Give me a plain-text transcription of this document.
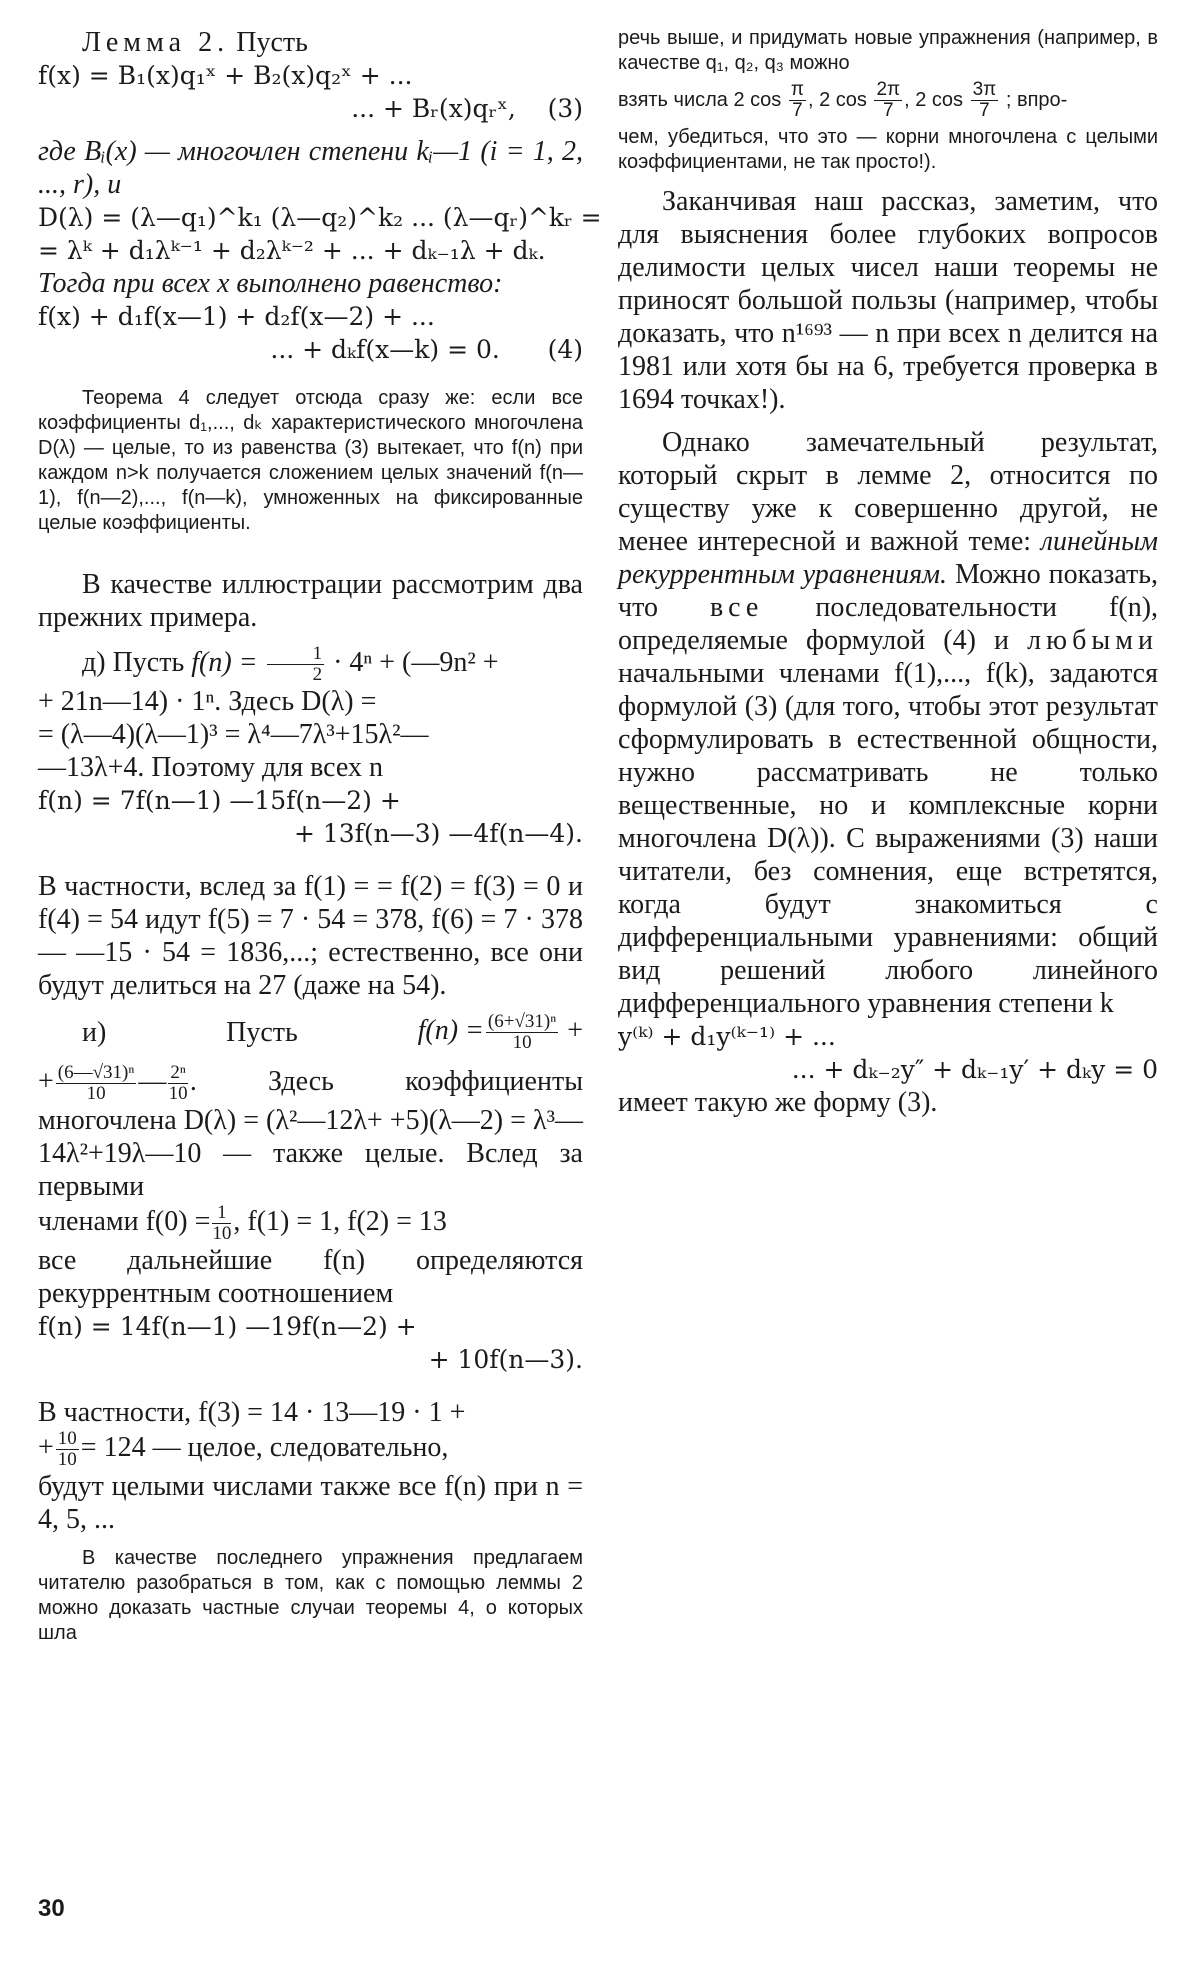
Лемма 2. Пусть

f(x) = B₁(x)q₁ˣ + B₂(x)q₂ˣ + ...

... + Bᵣ(x)qᵣˣ, (3)

где Bᵢ(x) — многочлен степени kᵢ—1 (i = 1, 2, ..., r), и

D(λ) = (λ—q₁)^k₁ (λ—q₂)^k₂ ... (λ—qᵣ)^kᵣ =

= λᵏ + d₁λᵏ⁻¹ + d₂λᵏ⁻² + ... + dₖ₋₁λ + dₖ.

Тогда при всех x выполнено равенство:

f(x) + d₁f(x—1) + d₂f(x—2) + ...

... + dₖf(x—k) = 0. (4)

Теорема 4 следует отсюда сразу же: если все коэффициенты d₁,..., dₖ характеристического многочлена D(λ) — целые, то из равенства (3) вытекает, что f(n) при каждом n>k получается сложением целых значений f(n—1), f(n—2),..., f(n—k), умноженных на фиксированные целые коэффициенты.

В качестве иллюстрации рассмотрим два прежних примера.

д) Пусть $f(n) = \frac{1}{2} \cdot 4^n$ + (—9n² +

+ 21n—14) · 1ⁿ. Здесь D(λ) =

= (λ—4)(λ—1)³ = λ⁴—7λ³+15λ²—

—13λ+4. Поэтому для всех n

f(n) = 7f(n—1) —15f(n—2) +

+ 13f(n—3) —4f(n—4).

В частности, вслед за f(1) = = f(2) = f(3) = 0 и f(4) = 54 идут f(5) = 7 · 54 = 378, f(6) = 7 · 378— —15 · 54 = 1836,...; естественно, все они будут делиться на 27 (даже на 54).

и)	Пусть	$f(n) = \frac{\text{(6+√31)ⁿ}}{10}$ +

+ $\frac{\text{(6—√31)ⁿ}}{10}$ — $\frac{\text{2ⁿ}}{10}$ . Здесь коэффициенты многочлена D(λ) = (λ²—12λ+ +5)(λ—2) = λ³—14λ²+19λ—10 — также целые. Вслед за первыми

членами $f(0) = \frac{1}{10}$ , f(1) = 1, f(2) = 13

все дальнейшие f(n) определяются рекуррентным соотношением

f(n) = 14f(n—1) —19f(n—2) +

+ 10f(n—3).

В частности, f(3) = 14 · 13—19 · 1 +

+ $\frac{10}{10} = 124$ — целое, следовательно,

будут целыми числами также все f(n) при n = 4, 5, ...

В качестве последнего упражнения предлагаем читателю разобраться в том, как с помощью леммы 2 можно доказать частные случаи теоремы 4, о которых шла

речь выше, и придумать новые упражнения (например, в качестве q₁, q₂, q₃ можно

взять числа 2 $\cos \frac{\pi}{7}$ , 2 $\cos \frac{2\pi}{7}$ , 2 $\cos \frac{3\pi}{7}$ ; впро-

чем, убедиться, что это — корни многочлена с целыми коэффициентами, не так просто!).

Заканчивая наш рассказ, заметим, что для выяснения более глубоких вопросов делимости целых чисел наши теоремы не приносят большой пользы (например, чтобы доказать, что n¹⁶⁹³ — n при всех n делится на 1981 или хотя бы на 6, требуется проверка в 1694 точках!).

Однако замечательный результат, который скрыт в лемме 2, относится по существу уже к совершенно другой, не менее интересной и важной теме: линейным рекуррентным уравнениям. Можно показать, что все последовательности f(n), определяемые формулой (4) и любыми начальными членами f(1),..., f(k), задаются формулой (3) (для того, чтобы этот результат сформулировать в естественной общности, нужно рассматривать не только вещественные, но и комплексные корни многочлена D(λ)). С выражениями (3) наши читатели, без сомнения, еще встретятся, когда будут знакомиться с дифференциальными уравнениями: общий вид решений любого линейного дифференциального уравнения степени k

y⁽ᵏ⁾ + d₁y⁽ᵏ⁻¹⁾ + ...

... + dₖ₋₂y″ + dₖ₋₁y′ + dₖy = 0

имеет такую же форму (3).

30
